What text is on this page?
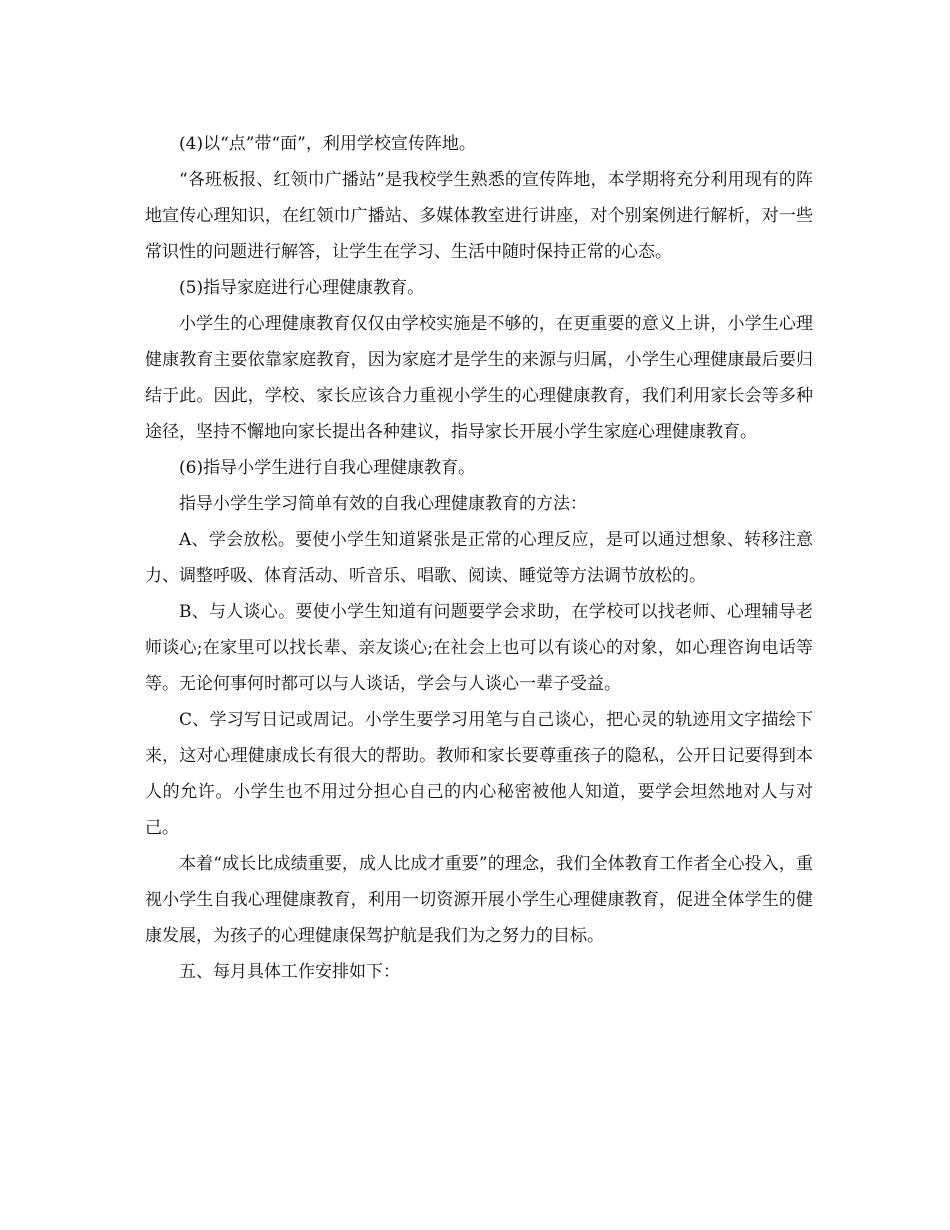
(4)以“点”带“面”，利用学校宣传阵地。

“各班板报、红领巾广播站”是我校学生熟悉的宣传阵地，本学期将充分利用现有的阵地宣传心理知识，在红领巾广播站、多媒体教室进行讲座，对个别案例进行解析，对一些常识性的问题进行解答，让学生在学习、生活中随时保持正常的心态。

(5)指导家庭进行心理健康教育。

小学生的心理健康教育仅仅由学校实施是不够的，在更重要的意义上讲，小学生心理健康教育主要依靠家庭教育，因为家庭才是学生的来源与归属，小学生心理健康最后要归结于此。因此，学校、家长应该合力重视小学生的心理健康教育，我们利用家长会等多种途径，坚持不懈地向家长提出各种建议，指导家长开展小学生家庭心理健康教育。

(6)指导小学生进行自我心理健康教育。

指导小学生学习简单有效的自我心理健康教育的方法：

A、学会放松。要使小学生知道紧张是正常的心理反应，是可以通过想象、转移注意力、调整呼吸、体育活动、听音乐、唱歌、阅读、睡觉等方法调节放松的。

B、与人谈心。要使小学生知道有问题要学会求助，在学校可以找老师、心理辅导老师谈心;在家里可以找长辈、亲友谈心;在社会上也可以有谈心的对象，如心理咨询电话等等。无论何事何时都可以与人谈话，学会与人谈心一辈子受益。

C、学习写日记或周记。小学生要学习用笔与自己谈心，把心灵的轨迹用文字描绘下来，这对心理健康成长有很大的帮助。教师和家长要尊重孩子的隐私，公开日记要得到本人的允许。小学生也不用过分担心自己的内心秘密被他人知道，要学会坦然地对人与对己。

本着“成长比成绩重要，成人比成才重要”的理念，我们全体教育工作者全心投入，重视小学生自我心理健康教育，利用一切资源开展小学生心理健康教育，促进全体学生的健康发展，为孩子的心理健康保驾护航是我们为之努力的目标。

五、每月具体工作安排如下：
